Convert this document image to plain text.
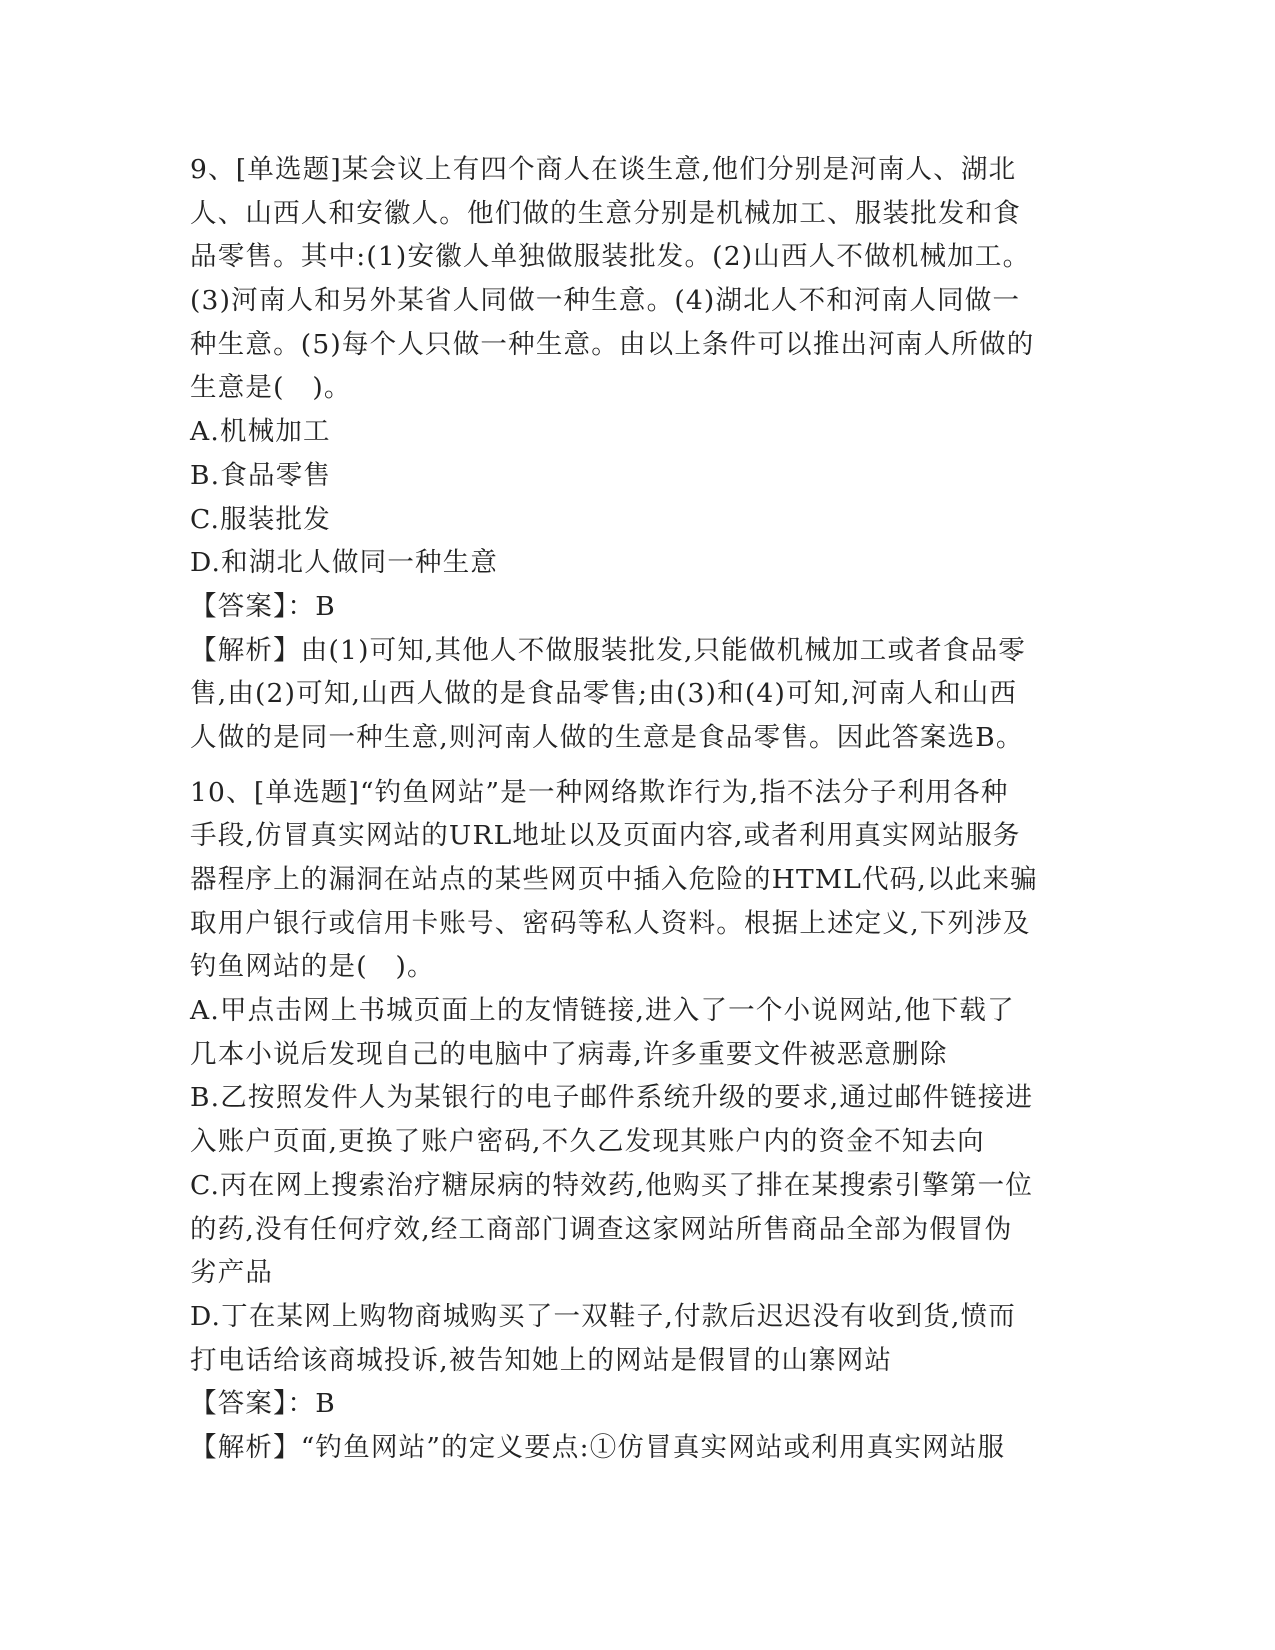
9、[单选题]某会议上有四个商人在谈生意,他们分别是河南人、湖北
人、山西人和安徽人。他们做的生意分别是机械加工、服装批发和食
品零售。其中:(1)安徽人单独做服装批发。(2)山西人不做机械加工。
(3)河南人和另外某省人同做一种生意。(4)湖北人不和河南人同做一
种生意。(5)每个人只做一种生意。由以上条件可以推出河南人所做的
生意是(　)。
A.机械加工
B.食品零售
C.服装批发
D.和湖北人做同一种生意
【答案】：B
【解析】由(1)可知,其他人不做服装批发,只能做机械加工或者食品零
售,由(2)可知,山西人做的是食品零售;由(3)和(4)可知,河南人和山西
人做的是同一种生意,则河南人做的生意是食品零售。因此答案选B。
10、[单选题]“钓鱼网站”是一种网络欺诈行为,指不法分子利用各种
手段,仿冒真实网站的URL地址以及页面内容,或者利用真实网站服务
器程序上的漏洞在站点的某些网页中插入危险的HTML代码,以此来骗
取用户银行或信用卡账号、密码等私人资料。根据上述定义,下列涉及
钓鱼网站的是(　)。
A.甲点击网上书城页面上的友情链接,进入了一个小说网站,他下载了
几本小说后发现自己的电脑中了病毒,许多重要文件被恶意删除
B.乙按照发件人为某银行的电子邮件系统升级的要求,通过邮件链接进
入账户页面,更换了账户密码,不久乙发现其账户内的资金不知去向
C.丙在网上搜索治疗糖尿病的特效药,他购买了排在某搜索引擎第一位
的药,没有任何疗效,经工商部门调查这家网站所售商品全部为假冒伪
劣产品
D.丁在某网上购物商城购买了一双鞋子,付款后迟迟没有收到货,愤而
打电话给该商城投诉,被告知她上的网站是假冒的山寨网站
【答案】：B
【解析】“钓鱼网站”的定义要点:①仿冒真实网站或利用真实网站服
